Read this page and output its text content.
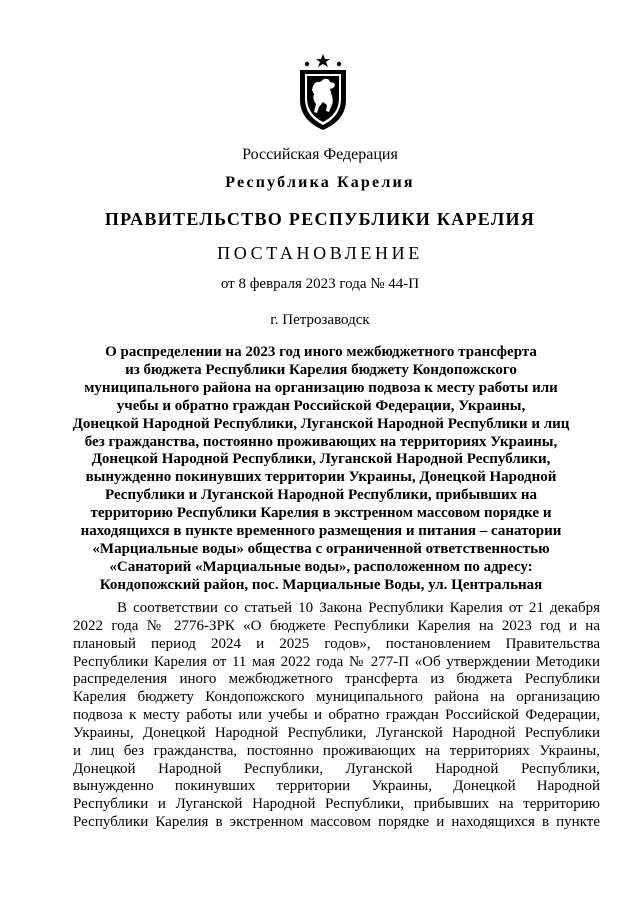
Российская Федерация
Республика Карелия
ПРАВИТЕЛЬСТВО РЕСПУБЛИКИ КАРЕЛИЯ
ПОСТАНОВЛЕНИЕ
от 8 февраля 2023 года № 44-П
г. Петрозаводск
О распределении на 2023 год иного межбюджетного трансферта
из бюджета Республики Карелия бюджету Кондопожского
муниципального района на организацию подвоза к месту работы или
учебы и обратно граждан Российской Федерации, Украины,
Донецкой Народной Республики, Луганской Народной Республики и лиц
без гражданства, постоянно проживающих на территориях Украины,
Донецкой Народной Республики, Луганской Народной Республики,
вынужденно покинувших территории Украины, Донецкой Народной
Республики и Луганской Народной Республики, прибывших на
территорию Республики Карелия в экстренном массовом порядке и
находящихся в пункте временного размещения и питания – санатории
«Марциальные воды» общества с ограниченной ответственностью
«Санаторий «Марциальные воды», расположенном по адресу:
Кондопожский район, пос. Марциальные Воды, ул. Центральная
В соответствии со статьей 10 Закона Республики Карелия от 21 декабря
2022 года № 2776-ЗРК «О бюджете Республики Карелия на 2023 год и на
плановый период 2024 и 2025 годов», постановлением Правительства
Республики Карелия от 11 мая 2022 года № 277-П «Об утверждении Методики
распределения иного межбюджетного трансферта из бюджета Республики
Карелия бюджету Кондопожского муниципального района на организацию
подвоза к месту работы или учебы и обратно граждан Российской Федерации,
Украины, Донецкой Народной Республики, Луганской Народной Республики
и лиц без гражданства, постоянно проживающих на территориях Украины,
Донецкой Народной Республики, Луганской Народной Республики,
вынужденно покинувших территории Украины, Донецкой Народной
Республики и Луганской Народной Республики, прибывших на территорию
Республики Карелия в экстренном массовом порядке и находящихся в пункте
